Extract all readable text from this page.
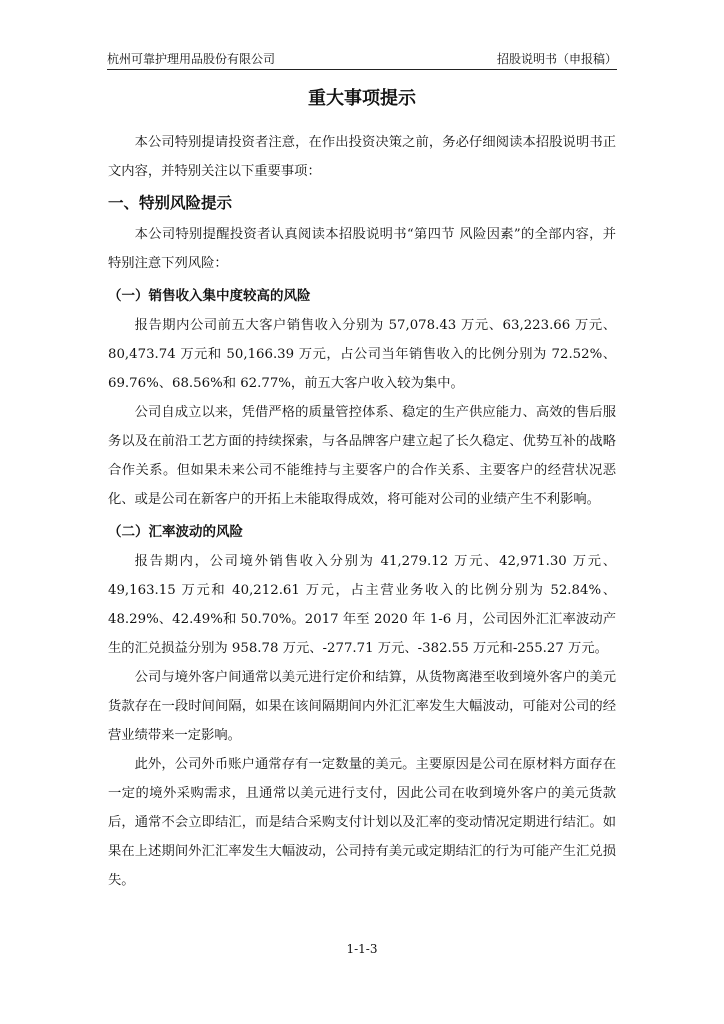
杭州可靠护理用品股份有限公司	招股说明书（申报稿）
重大事项提示

本公司特别提请投资者注意，在作出投资决策之前，务必仔细阅读本招股说明书正文内容，并特别关注以下重要事项：

一、特别风险提示

本公司特别提醒投资者认真阅读本招股说明书“第四节 风险因素”的全部内容，并特别注意下列风险：

（一）销售收入集中度较高的风险

报告期内公司前五大客户销售收入分别为 57,078.43 万元、63,223.66 万元、80,473.74 万元和 50,166.39 万元，占公司当年销售收入的比例分别为 72.52%、69.76%、68.56%和 62.77%，前五大客户收入较为集中。

公司自成立以来，凭借严格的质量管控体系、稳定的生产供应能力、高效的售后服务以及在前沿工艺方面的持续探索，与各品牌客户建立起了长久稳定、优势互补的战略合作关系。但如果未来公司不能维持与主要客户的合作关系、主要客户的经营状况恶化、或是公司在新客户的开拓上未能取得成效，将可能对公司的业绩产生不利影响。

（二）汇率波动的风险

报告期内，公司境外销售收入分别为 41,279.12 万元、42,971.30 万元、49,163.15 万元和 40,212.61 万元，占主营业务收入的比例分别为 52.84%、48.29%、42.49%和 50.70%。2017 年至 2020 年 1-6 月，公司因外汇汇率波动产生的汇兑损益分别为 958.78 万元、-277.71 万元、-382.55 万元和-255.27 万元。

公司与境外客户间通常以美元进行定价和结算，从货物离港至收到境外客户的美元货款存在一段时间间隔，如果在该间隔期间内外汇汇率发生大幅波动，可能对公司的经营业绩带来一定影响。

此外，公司外币账户通常存有一定数量的美元。主要原因是公司在原材料方面存在一定的境外采购需求，且通常以美元进行支付，因此公司在收到境外客户的美元货款后，通常不会立即结汇，而是结合采购支付计划以及汇率的变动情况定期进行结汇。如果在上述期间外汇汇率发生大幅波动，公司持有美元或定期结汇的行为可能产生汇兑损失。

1-1-3
